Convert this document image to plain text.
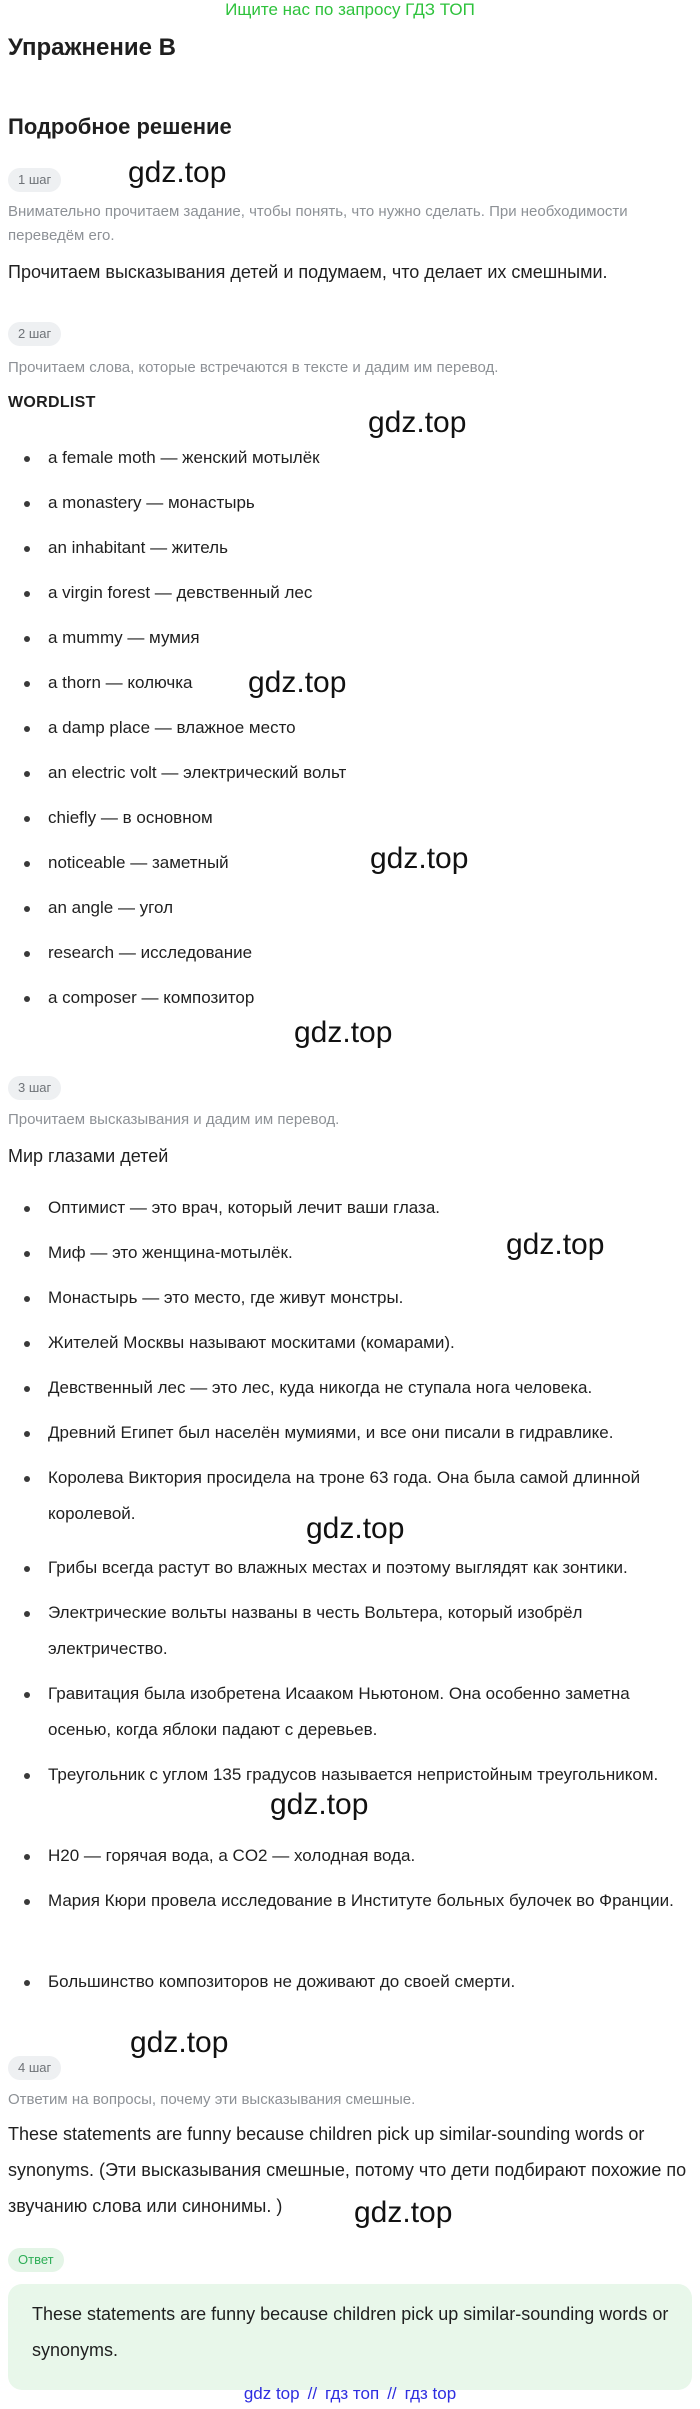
Ищите нас по запросу ГДЗ ТОП
Упражнение B
Подробное решение
1 шаг
Внимательно прочитаем задание, чтобы понять, что нужно сделать. При необходимости переведём его.
Прочитаем высказывания детей и подумаем, что делает их смешными.
2 шаг
Прочитаем слова, которые встречаются в тексте и дадим им перевод.
WORDLIST
a female moth — женский мотылёк
a monastery — монастырь
an inhabitant — житель
a virgin forest — девственный лес
a mummy — мумия
a thorn — колючка
a damp place — влажное место
an electric volt — электрический вольт
chiefly — в основном
noticeable — заметный
an angle — угол
research — исследование
a composer — композитор
3 шаг
Прочитаем высказывания и дадим им перевод.
Мир глазами детей
Оптимист — это врач, который лечит ваши глаза.
Миф — это женщина-мотылёк.
Монастырь — это место, где живут монстры.
Жителей Москвы называют москитами (комарами).
Девственный лес — это лес, куда никогда не ступала нога человека.
Древний Египет был населён мумиями, и все они писали в гидравлике.
Королева Виктория просидела на троне 63 года. Она была самой длинной королевой.
Грибы всегда растут во влажных местах и поэтому выглядят как зонтики.
Электрические вольты названы в честь Вольтера, который изобрёл электричество.
Гравитация была изобретена Исааком Ньютоном. Она особенно заметна осенью, когда яблоки падают с деревьев.
Треугольник с углом 135 градусов называется непристойным треугольником.
H20 — горячая вода, а CO2 — холодная вода.
Мария Кюри провела исследование в Институте больных булочек во Франции.
Большинство композиторов не доживают до своей смерти.
4 шаг
Ответим на вопросы, почему эти высказывания смешные.
These statements are funny because children pick up similar-sounding words or synonyms. (Эти высказывания смешные, потому что дети подбирают похожие по звучанию слова или синонимы. )
Ответ
These statements are funny because children pick up similar-sounding words or synonyms.
gdz.top
gdz.top
gdz.top
gdz.top
gdz.top
gdz.top
gdz.top
gdz.top
gdz.top
gdz.top
gdz top // гдз топ // гдз top
